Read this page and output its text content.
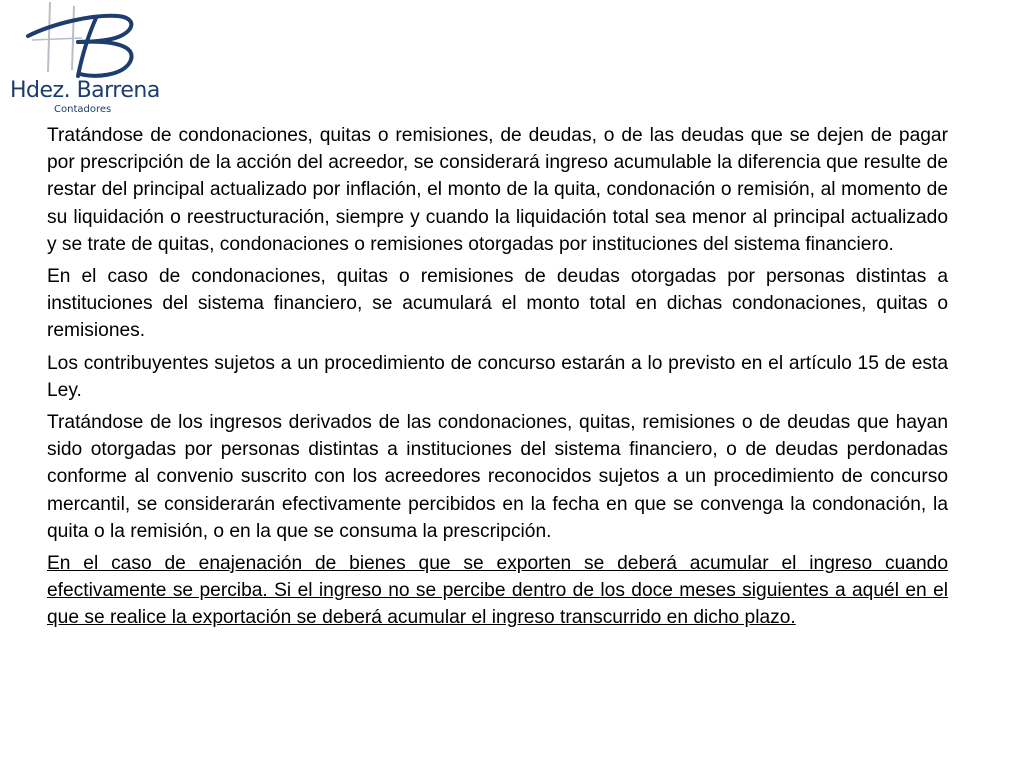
Hdez. Barrena
Contadores

Tratándose de condonaciones, quitas o remisiones, de deudas, o de las deudas que se dejen de pagar por prescripción de la acción del acreedor, se considerará ingreso acumulable la diferencia que resulte de restar del principal actualizado por inflación, el monto de la quita, condonación o remisión, al momento de su liquidación o reestructuración, siempre y cuando la liquidación total sea menor al principal actualizado y se trate de quitas, condonaciones o remisiones otorgadas por instituciones del sistema financiero.

En el caso de condonaciones, quitas o remisiones de deudas otorgadas por personas distintas a instituciones del sistema financiero, se acumulará el monto total en dichas condonaciones, quitas o remisiones.

Los contribuyentes sujetos a un procedimiento de concurso estarán a lo previsto en el artículo 15 de esta Ley.

Tratándose de los ingresos derivados de las condonaciones, quitas, remisiones o de deudas que hayan sido otorgadas por personas distintas a instituciones del sistema financiero, o de deudas perdonadas conforme al convenio suscrito con los acreedores reconocidos sujetos a un procedimiento de concurso mercantil, se considerarán efectivamente percibidos en la fecha en que se convenga la condonación, la quita o la remisión, o en la que se consuma la prescripción.

En el caso de enajenación de bienes que se exporten se deberá acumular el ingreso cuando efectivamente se perciba. Si el ingreso no se percibe dentro de los doce meses siguientes a aquél en el que se realice la exportación se deberá acumular el ingreso transcurrido en dicho plazo.
